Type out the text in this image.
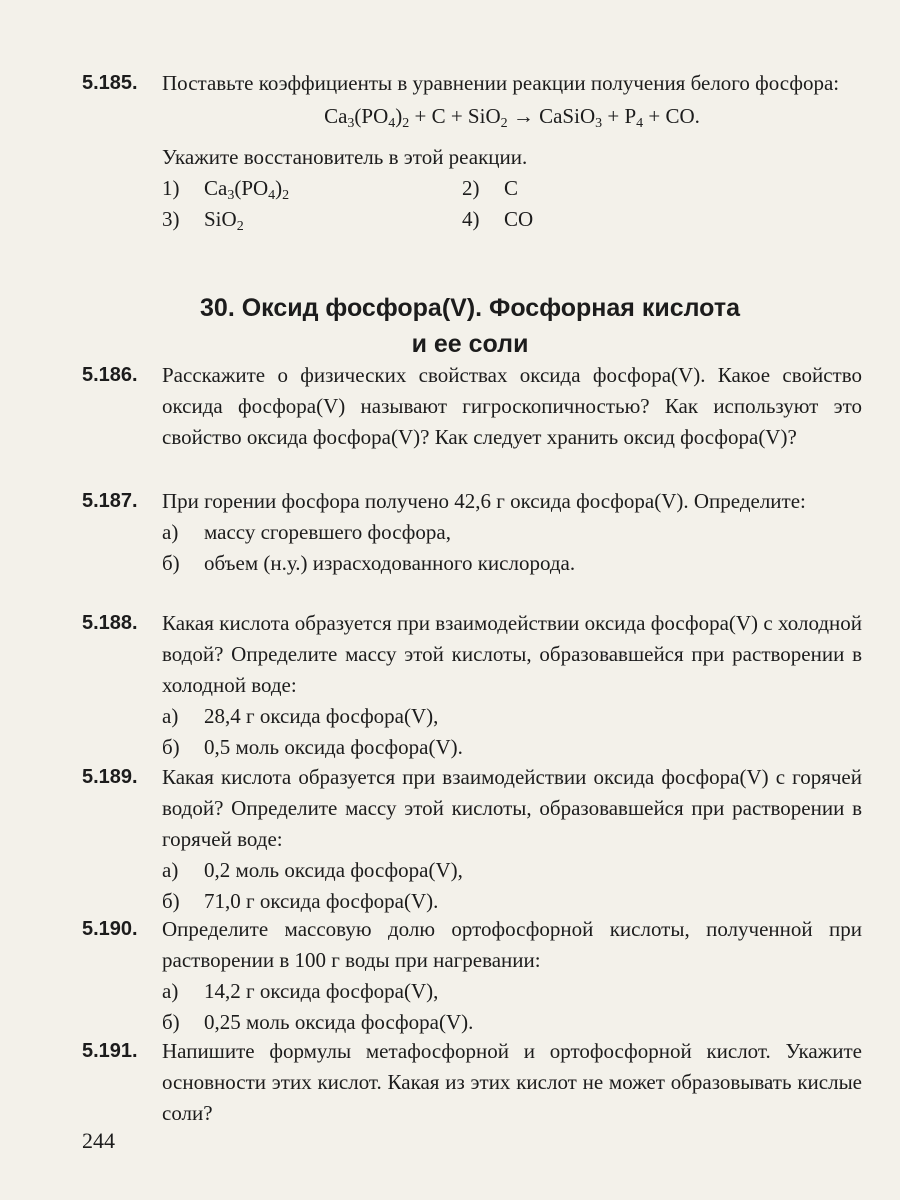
5.185.	Поставьте коэффициенты в уравнении реакции получения белого фосфора:

$Ca_3(PO_4)_2 + C + SiO_2$ → CaSiO$_3$ + $P_4$ + CO.

Укажите восстановитель в этой реакции.

1)	$Ca_3(PO_4)_2$	2)	C
3)	SiO$_2$	4)	CO
30. Оксид фосфора(V). Фосфорная кислота
и ее соли
5.186.	Расскажите о физических свойствах оксида фосфора(V). Какое свойство оксида фосфора(V) называют гигроскопичностью? Как используют это свойство оксида фосфора(V)? Как следует хранить оксид фосфора(V)?

5.187.	При горении фосфора получено 42,6 г оксида фосфора(V). Определите:

а)	массу сгоревшего фосфора,
б)	объем (н.у.) израсходованного кислорода.
5.188.	Какая кислота образуется при взаимодействии оксида фосфора(V) с холодной водой? Определите массу этой кислоты, образовавшейся при растворении в холодной воде:

а)	28,4 г оксида фосфора(V),
б)	0,5 моль оксида фосфора(V).
5.189.	Какая кислота образуется при взаимодействии оксида фосфора(V) с горячей водой? Определите массу этой кислоты, образовавшейся при растворении в горячей воде:

а)	0,2 моль оксида фосфора(V),
б)	71,0 г оксида фосфора(V).
5.190.	Определите массовую долю ортофосфорной кислоты, полученной при растворении в 100 г воды при нагревании:

а)	14,2 г оксида фосфора(V),
б)	0,25 моль оксида фосфора(V).
5.191.	Напишите формулы метафосфорной и ортофосфорной кислот. Укажите основности этих кислот. Какая из этих кислот не может образовывать кислые соли?

244
